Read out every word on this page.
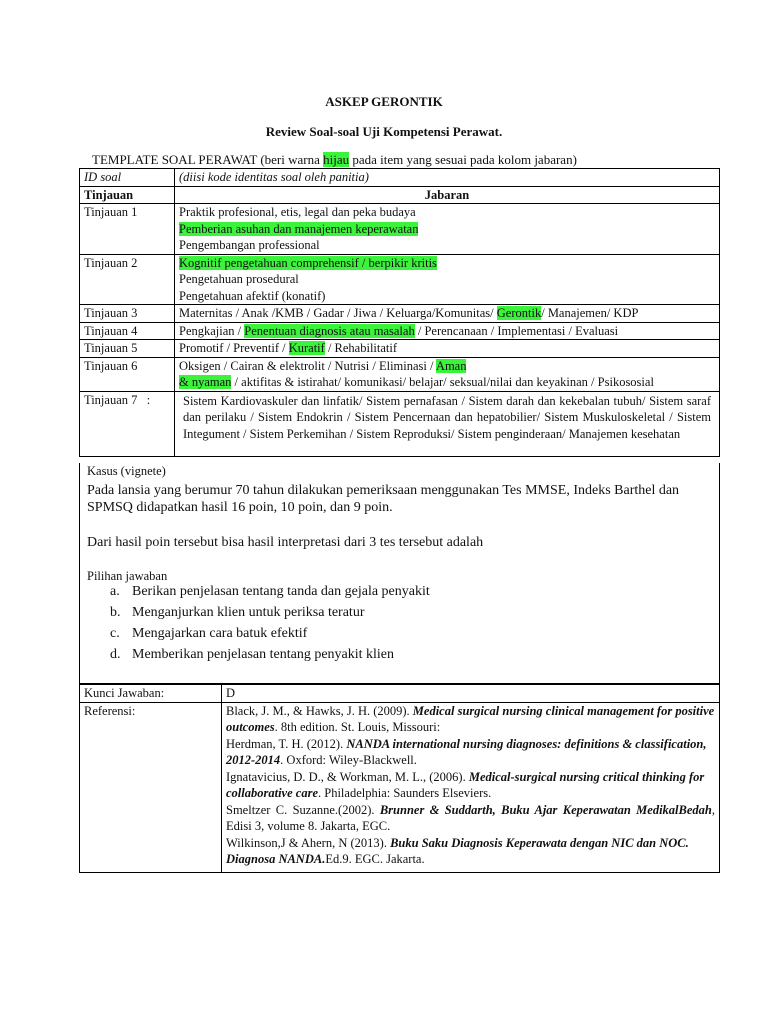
ASKEP GERONTIK
Review Soal-soal Uji Kompetensi Perawat.
TEMPLATE SOAL PERAWAT (beri warna hijau pada item yang sesuai pada kolom jabaran)
ID soal	(diisi kode identitas soal oleh panitia)
Tinjauan	Jabaran
Tinjauan 1	Praktik profesional, etis, legal dan peka budaya
Pemberian asuhan dan manajemen keperawatan
Pengembangan professional

Tinjauan 2	Kognitif pengetahuan comprehensif / berpikir kritis
Pengetahuan prosedural
Pengetahuan afektif (konatif)

Tinjauan 3	Maternitas / Anak /KMB / Gadar / Jiwa / Keluarga/Komunitas/ Gerontik/ Manajemen/ KDP
Tinjauan 4	Pengkajian / Penentuan diagnosis atau masalah / Perencanaan / Implementasi / Evaluasi
Tinjauan 5	Promotif / Preventif / Kuratif / Rehabilitatif
Tinjauan 6	Oksigen / Cairan & elektrolit / Nutrisi / Eliminasi / Aman
& nyaman / aktifitas & istirahat/ komunikasi/ belajar/ seksual/nilai dan keyakinan / Psikososial

Tinjauan 7   :	Sistem Kardiovaskuler dan linfatik/ Sistem pernafasan / Sistem darah dan kekebalan tubuh/ Sistem saraf dan perilaku / Sistem Endokrin / Sistem Pencernaan dan hepatobilier/ Sistem Muskuloskeletal / Sistem Integument / Sistem Perkemihan / Sistem Reproduksi/ Sistem penginderaan/ Manajemen kesehatan
Kasus (vignete)
Pada lansia yang berumur 70 tahun dilakukan pemeriksaan menggunakan Tes MMSE, Indeks Barthel dan
SPMSQ didapatkan hasil 16 poin, 10 poin, dan 9 poin.
Dari hasil poin tersebut bisa hasil interpretasi dari 3 tes tersebut adalah
Pilihan jawaban
a. Berikan penjelasan tentang tanda dan gejala penyakit
b. Menganjurkan klien untuk periksa teratur
c. Mengajarkan cara batuk efektif
d. Memberikan penjelasan tentang penyakit klien
Kunci Jawaban:	D
Referensi:	Black, J. M., & Hawks, J. H. (2009). Medical surgical nursing clinical management for positive outcomes. 8th edition. St. Louis, Missouri:
Herdman, T. H. (2012). NANDA international nursing diagnoses: definitions & classification, 2012-2014. Oxford: Wiley-Blackwell.
Ignatavicius, D. D., & Workman, M. L., (2006). Medical-surgical nursing critical thinking for collaborative care. Philadelphia: Saunders Elseviers.
Smeltzer C. Suzanne.(2002). Brunner & Suddarth, Buku Ajar Keperawatan MedikalBedah, Edisi 3, volume 8. Jakarta, EGC.
Wilkinson,J & Ahern, N (2013). Buku Saku Diagnosis Keperawata dengan NIC dan NOC. Diagnosa NANDA.Ed.9. EGC. Jakarta.
